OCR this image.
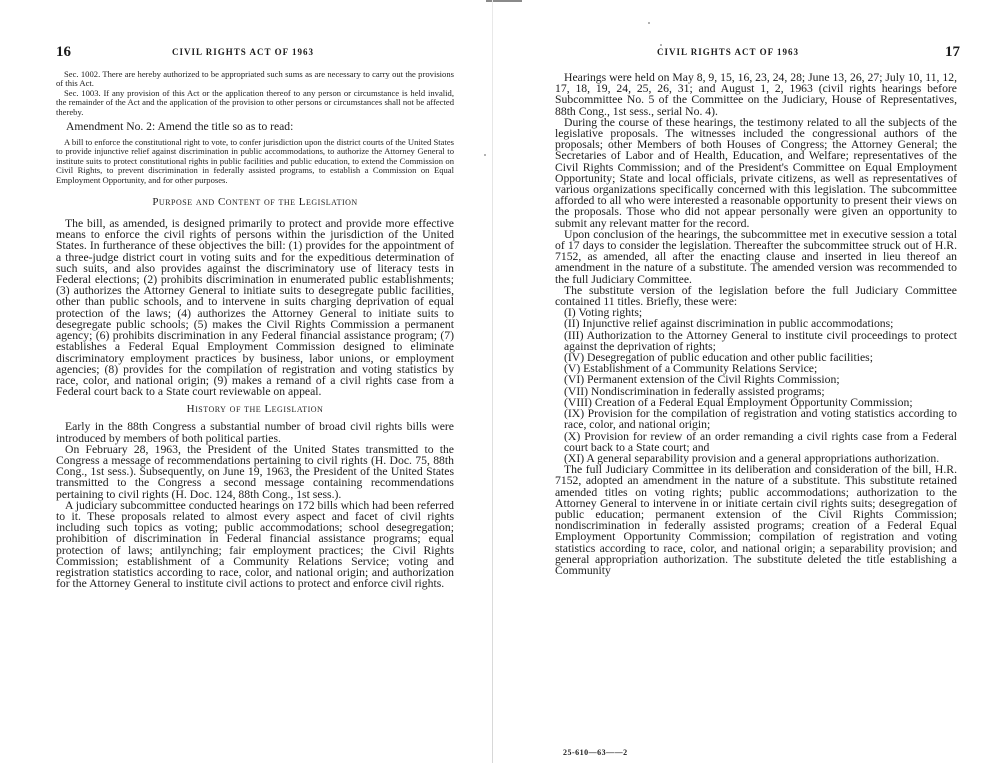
16	CIVIL RIGHTS ACT OF 1963

Sec. 1002. There are hereby authorized to be appropriated such sums as are necessary to carry out the provisions of this Act.

Sec. 1003. If any provision of this Act or the application thereof to any person or circumstance is held invalid, the remainder of the Act and the application of the provision to other persons or circumstances shall not be affected thereby.

Amendment No. 2: Amend the title so as to read:

A bill to enforce the constitutional right to vote, to confer jurisdiction upon the district courts of the United States to provide injunctive relief against discrimination in public accommodations, to authorize the Attorney General to institute suits to protect constitutional rights in public facilities and public education, to extend the Commission on Civil Rights, to prevent discrimination in federally assisted programs, to establish a Commission on Equal Employment Opportunity, and for other purposes.

Purpose and Content of the Legislation

The bill, as amended, is designed primarily to protect and provide more effective means to enforce the civil rights of persons within the jurisdiction of the United States. In furtherance of these objectives the bill: (1) provides for the appointment of a three-judge district court in voting suits and for the expeditious determination of such suits, and also provides against the discriminatory use of literacy tests in Federal elections; (2) prohibits discrimination in enumerated public establishments; (3) authorizes the Attorney General to initiate suits to desegregate public facilities, other than public schools, and to intervene in suits charging deprivation of equal protection of the laws; (4) authorizes the Attorney General to initiate suits to desegregate public schools; (5) makes the Civil Rights Commission a permanent agency; (6) prohibits discrimination in any Federal financial assistance program; (7) establishes a Federal Equal Employment Commission designed to eliminate discriminatory employment practices by business, labor unions, or employment agencies; (8) provides for the compilation of registration and voting statistics by race, color, and national origin; (9) makes a remand of a civil rights case from a Federal court back to a State court reviewable on appeal.

History of the Legislation

Early in the 88th Congress a substantial number of broad civil rights bills were introduced by members of both political parties.

On February 28, 1963, the President of the United States transmitted to the Congress a message of recommendations pertaining to civil rights (H. Doc. 75, 88th Cong., 1st sess.). Subsequently, on June 19, 1963, the President of the United States transmitted to the Congress a second message containing recommendations pertaining to civil rights (H. Doc. 124, 88th Cong., 1st sess.).

A judiciary subcommittee conducted hearings on 172 bills which had been referred to it. These proposals related to almost every aspect and facet of civil rights including such topics as voting; public accommodations; school desegregation; prohibition of discrimination in Federal financial assistance programs; equal protection of laws; antilynching; fair employment practices; the Civil Rights Commission; establishment of a Community Relations Service; voting and registration statistics according to race, color, and national origin; and authorization for the Attorney General to institute civil actions to protect and enforce civil rights.

CIVIL RIGHTS ACT OF 1963	17

Hearings were held on May 8, 9, 15, 16, 23, 24, 28; June 13, 26, 27; July 10, 11, 12, 17, 18, 19, 24, 25, 26, 31; and August 1, 2, 1963 (civil rights hearings before Subcommittee No. 5 of the Committee on the Judiciary, House of Representatives, 88th Cong., 1st sess., serial No. 4).

During the course of these hearings, the testimony related to all the subjects of the legislative proposals. The witnesses included the congressional authors of the proposals; other Members of both Houses of Congress; the Attorney General; the Secretaries of Labor and of Health, Education, and Welfare; representatives of the Civil Rights Commission; and of the President's Committee on Equal Employment Opportunity; State and local officials, private citizens, as well as representatives of various organizations specifically concerned with this legislation. The subcommittee afforded to all who were interested a reasonable opportunity to present their views on the proposals. Those who did not appear personally were given an opportunity to submit any relevant matter for the record.

Upon conclusion of the hearings, the subcommittee met in executive session a total of 17 days to consider the legislation. Thereafter the subcommittee struck out of H.R. 7152, as amended, all after the enacting clause and inserted in lieu thereof an amendment in the nature of a substitute. The amended version was recommended to the full Judiciary Committee.

The substitute version of the legislation before the full Judiciary Committee contained 11 titles. Briefly, these were:

(I) Voting rights;
(II) Injunctive relief against discrimination in public accommodations;
(III) Authorization to the Attorney General to institute civil proceedings to protect against the deprivation of rights;
(IV) Desegregation of public education and other public facilities;
(V) Establishment of a Community Relations Service;
(VI) Permanent extension of the Civil Rights Commission;
(VII) Nondiscrimination in federally assisted programs;
(VIII) Creation of a Federal Equal Employment Opportunity Commission;
(IX) Provision for the compilation of registration and voting statistics according to race, color, and national origin;
(X) Provision for review of an order remanding a civil rights case from a Federal court back to a State court; and
(XI) A general separability provision and a general appropriations authorization.

The full Judiciary Committee in its deliberation and consideration of the bill, H.R. 7152, adopted an amendment in the nature of a substitute. This substitute retained amended titles on voting rights; public accommodations; authorization to the Attorney General to intervene in or initiate certain civil rights suits; desegregation of public education; permanent extension of the Civil Rights Commission; nondiscrimination in federally assisted programs; creation of a Federal Equal Employment Opportunity Commission; compilation of registration and voting statistics according to race, color, and national origin; a separability provision; and general appropriation authorization. The substitute deleted the title establishing a Community

25-610—63——2
